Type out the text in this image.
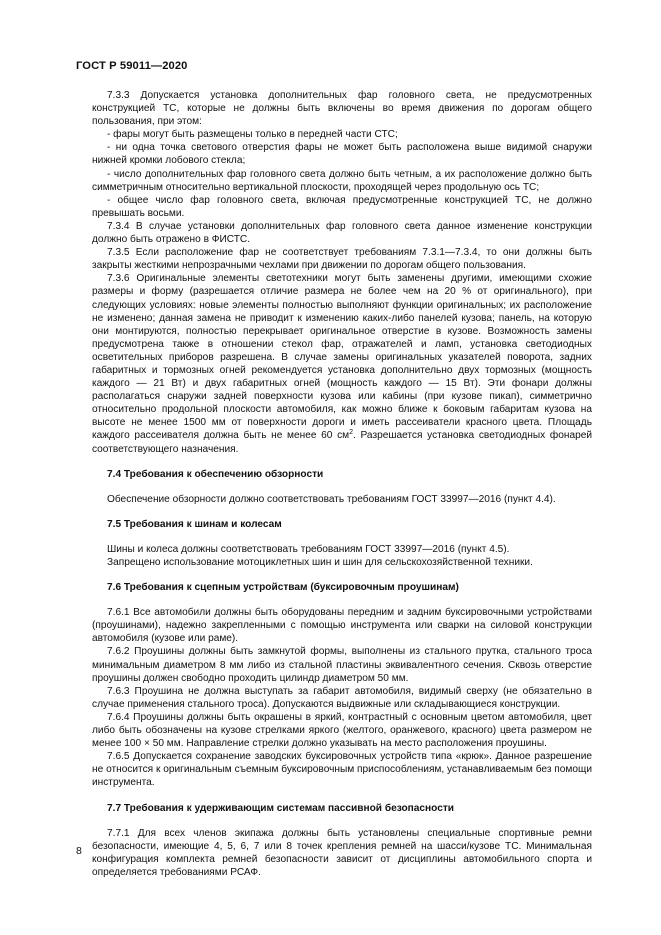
ГОСТ Р 59011—2020

7.3.3 Допускается установка дополнительных фар головного света, не предусмотренных конструкцией ТС, которые не должны быть включены во время движения по дорогам общего пользования, при этом:

- фары могут быть размещены только в передней части СТС;

- ни одна точка светового отверстия фары не может быть расположена выше видимой снаружи нижней кромки лобового стекла;

- число дополнительных фар головного света должно быть четным, а их расположение должно быть симметричным относительно вертикальной плоскости, проходящей через продольную ось ТС;

- общее число фар головного света, включая предусмотренные конструкцией ТС, не должно превышать восьми.

7.3.4 В случае установки дополнительных фар головного света данное изменение конструкции должно быть отражено в ФИСТС.

7.3.5 Если расположение фар не соответствует требованиям 7.3.1—7.3.4, то они должны быть закрыты жесткими непрозрачными чехлами при движении по дорогам общего пользования.

7.3.6 Оригинальные элементы светотехники могут быть заменены другими, имеющими схожие размеры и форму (разрешается отличие размера не более чем на 20 % от оригинального), при следующих условиях: новые элементы полностью выполняют функции оригинальных; их расположение не изменено; данная замена не приводит к изменению каких-либо панелей кузова; панель, на которую они монтируются, полностью перекрывает оригинальное отверстие в кузове. Возможность замены предусмотрена также в отношении стекол фар, отражателей и ламп, установка светодиодных осветительных приборов разрешена. В случае замены оригинальных указателей поворота, задних габаритных и тормозных огней рекомендуется установка дополнительно двух тормозных (мощность каждого — 21 Вт) и двух габаритных огней (мощность каждого — 15 Вт). Эти фонари должны располагаться снаружи задней поверхности кузова или кабины (при кузове пикап), симметрично относительно продольной плоскости автомобиля, как можно ближе к боковым габаритам кузова на высоте не менее 1500 мм от поверхности дороги и иметь рассеиватели красного цвета. Площадь каждого рассеивателя должна быть не менее 60 $см^2$. Разрешается установка светодиодных фонарей соответствующего назначения.

7.4 Требования к обеспечению обзорности

Обеспечение обзорности должно соответствовать требованиям ГОСТ 33997—2016 (пункт 4.4).

7.5 Требования к шинам и колесам

Шины и колеса должны соответствовать требованиям ГОСТ 33997—2016 (пункт 4.5).

Запрещено использование мотоциклетных шин и шин для сельскохозяйственной техники.

7.6 Требования к сцепным устройствам (буксировочным проушинам)

7.6.1 Все автомобили должны быть оборудованы передним и задним буксировочными устройствами (проушинами), надежно закрепленными с помощью инструмента или сварки на силовой конструкции автомобиля (кузове или раме).

7.6.2 Проушины должны быть замкнутой формы, выполнены из стального прутка, стального троса минимальным диаметром 8 мм либо из стальной пластины эквивалентного сечения. Сквозь отверстие проушины должен свободно проходить цилиндр диаметром 50 мм.

7.6.3 Проушина не должна выступать за габарит автомобиля, видимый сверху (не обязательно в случае применения стального троса). Допускаются выдвижные или складывающиеся конструкции.

7.6.4 Проушины должны быть окрашены в яркий, контрастный с основным цветом автомобиля, цвет либо быть обозначены на кузове стрелками яркого (желтого, оранжевого, красного) цвета размером не менее 100 × 50 мм. Направление стрелки должно указывать на место расположения проушины.

7.6.5 Допускается сохранение заводских буксировочных устройств типа «крюк». Данное разрешение не относится к оригинальным съемным буксировочным приспособлениям, устанавливаемым без помощи инструмента.

7.7 Требования к удерживающим системам пассивной безопасности

7.7.1 Для всех членов экипажа должны быть установлены специальные спортивные ремни безопасности, имеющие 4, 5, 6, 7 или 8 точек крепления ремней на шасси/кузове ТС. Минимальная конфигурация комплекта ремней безопасности зависит от дисциплины автомобильного спорта и определяется требованиями РСАФ.

8
